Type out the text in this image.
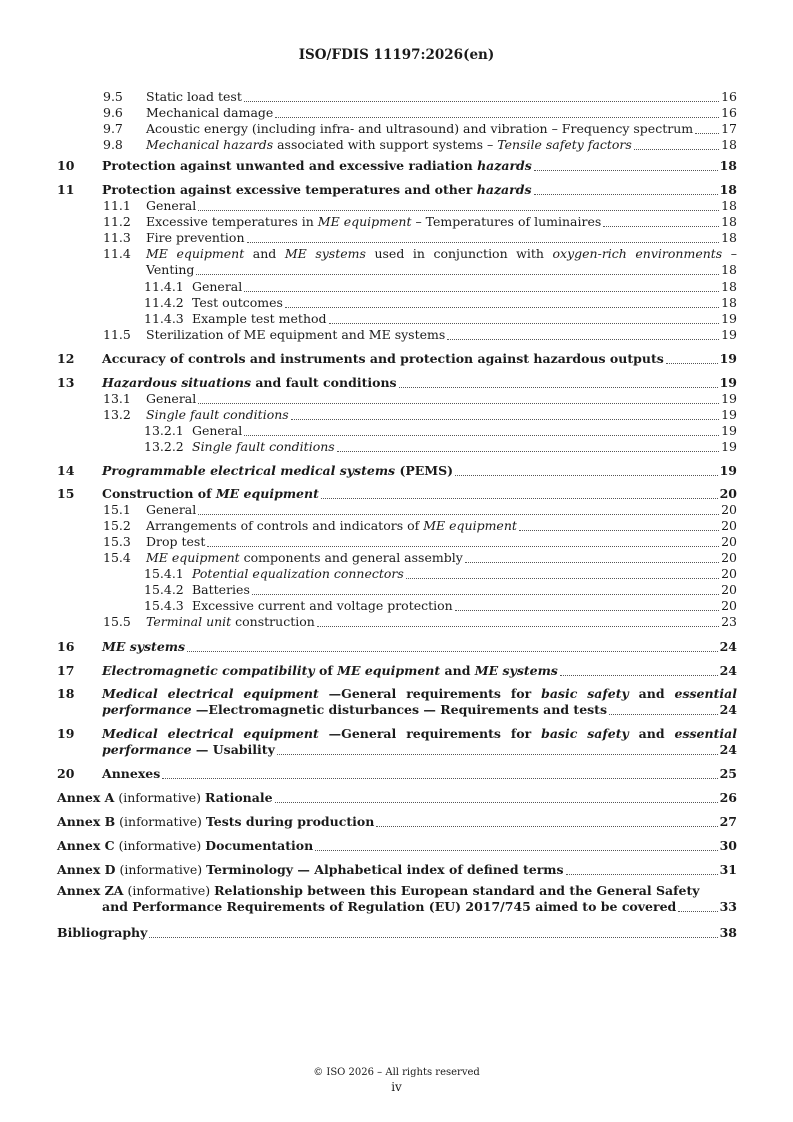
ISO/FDIS 11197:2026(en)
9.5 Static load test	16
9.6 Mechanical damage	16
9.7 Acoustic energy (including infra- and ultrasound) and vibration – Frequency spectrum 17
9.8 Mechanical hazards associated with support systems – Tensile safety factors	18
10 Protection against unwanted and excessive radiation hazards	18
11 Protection against excessive temperatures and other hazards	18
11.1 General	18
11.2 Excessive temperatures in ME equipment – Temperatures of luminaires	18
11.3 Fire prevention	18
11.4 ME equipment and ME systems used in conjunction with oxygen-rich environments –
Venting	18
11.4.1 General	18
11.4.2 Test outcomes	18
11.4.3 Example test method	19
11.5 Sterilization of ME equipment and ME systems	19
12 Accuracy of controls and instruments and protection against hazardous outputs	19
13 Hazardous situations and fault conditions	19
13.1 General	19
13.2 Single fault conditions	19
13.2.1 General	19
13.2.2 Single fault conditions	19
14 Programmable electrical medical systems (PEMS)	19
15 Construction of ME equipment	20
15.1 General	20
15.2 Arrangements of controls and indicators of ME equipment	20
15.3 Drop test	20
15.4 ME equipment components and general assembly	20
15.4.1 Potential equalization connectors	20
15.4.2 Batteries	20
15.4.3 Excessive current and voltage protection	20
15.5 Terminal unit construction	23
16 ME systems	24
17 Electromagnetic compatibility of ME equipment and ME systems	24
18 Medical electrical equipment —General requirements for basic safety and essential
performance —Electromagnetic disturbances — Requirements and tests	24
19 Medical electrical equipment —General requirements for basic safety and essential
performance — Usability	24
20 Annexes	25
Annex A (informative) Rationale	26
Annex B (informative) Tests during production	27
Annex C (informative) Documentation	30
Annex D (informative) Terminology — Alphabetical index of defined terms	31
Annex ZA (informative) Relationship between this European standard and the General Safety
and Performance Requirements of Regulation (EU) 2017/745 aimed to be covered	33
Bibliography	38
© ISO 2026 – All rights reserved
iv
